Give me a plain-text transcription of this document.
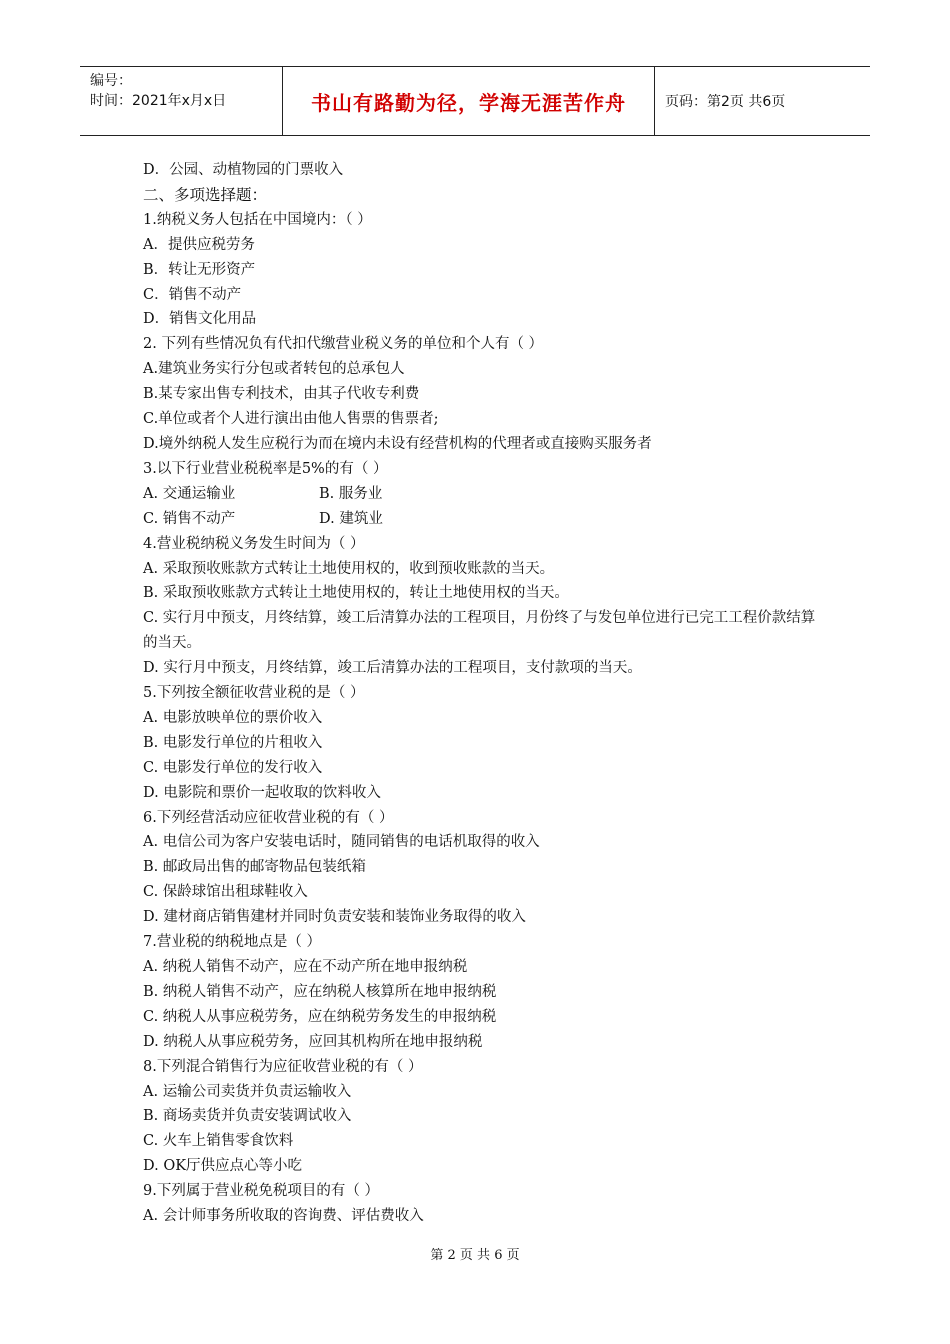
编号：
时间：2021年x月x日	书山有路勤为径，学海无涯苦作舟	页码：第2页 共6页
D．公园、动植物园的门票收入
二、多项选择题：
1.纳税义务人包括在中国境内：（ ）
A．提供应税劳务
B．转让无形资产
C．销售不动产
D．销售文化用品
2. 下列有些情况负有代扣代缴营业税义务的单位和个人有（ ）
A.建筑业务实行分包或者转包的总承包人
B.某专家出售专利技术，由其子代收专利费
C.单位或者个人进行演出由他人售票的售票者;
D.境外纳税人发生应税行为而在境内未设有经营机构的代理者或直接购买服务者
3.以下行业营业税税率是5%的有（ ）
A. 交通运输业	B. 服务业
C. 销售不动产	D. 建筑业
4.营业税纳税义务发生时间为（ ）
A. 采取预收账款方式转让土地使用权的，收到预收账款的当天。
B. 采取预收账款方式转让土地使用权的，转让土地使用权的当天。
C. 实行月中预支，月终结算，竣工后清算办法的工程项目，月份终了与发包单位进行已完工工程价款结算的当天。
D. 实行月中预支，月终结算，竣工后清算办法的工程项目，支付款项的当天。
5.下列按全额征收营业税的是（ ）
A. 电影放映单位的票价收入
B. 电影发行单位的片租收入
C. 电影发行单位的发行收入
D. 电影院和票价一起收取的饮料收入
6.下列经营活动应征收营业税的有（ ）
A. 电信公司为客户安装电话时，随同销售的电话机取得的收入
B. 邮政局出售的邮寄物品包装纸箱
C. 保龄球馆出租球鞋收入
D. 建材商店销售建材并同时负责安装和装饰业务取得的收入
7.营业税的纳税地点是（ ）
A. 纳税人销售不动产，应在不动产所在地申报纳税
B. 纳税人销售不动产，应在纳税人核算所在地申报纳税
C. 纳税人从事应税劳务，应在纳税劳务发生的申报纳税
D. 纳税人从事应税劳务，应回其机构所在地申报纳税
8.下列混合销售行为应征收营业税的有（ ）
A. 运输公司卖货并负责运输收入
B. 商场卖货并负责安装调试收入
C. 火车上销售零食饮料
D. OK厅供应点心等小吃
9.下列属于营业税免税项目的有（ ）
A. 会计师事务所收取的咨询费、评估费收入
第 2 页 共 6 页
